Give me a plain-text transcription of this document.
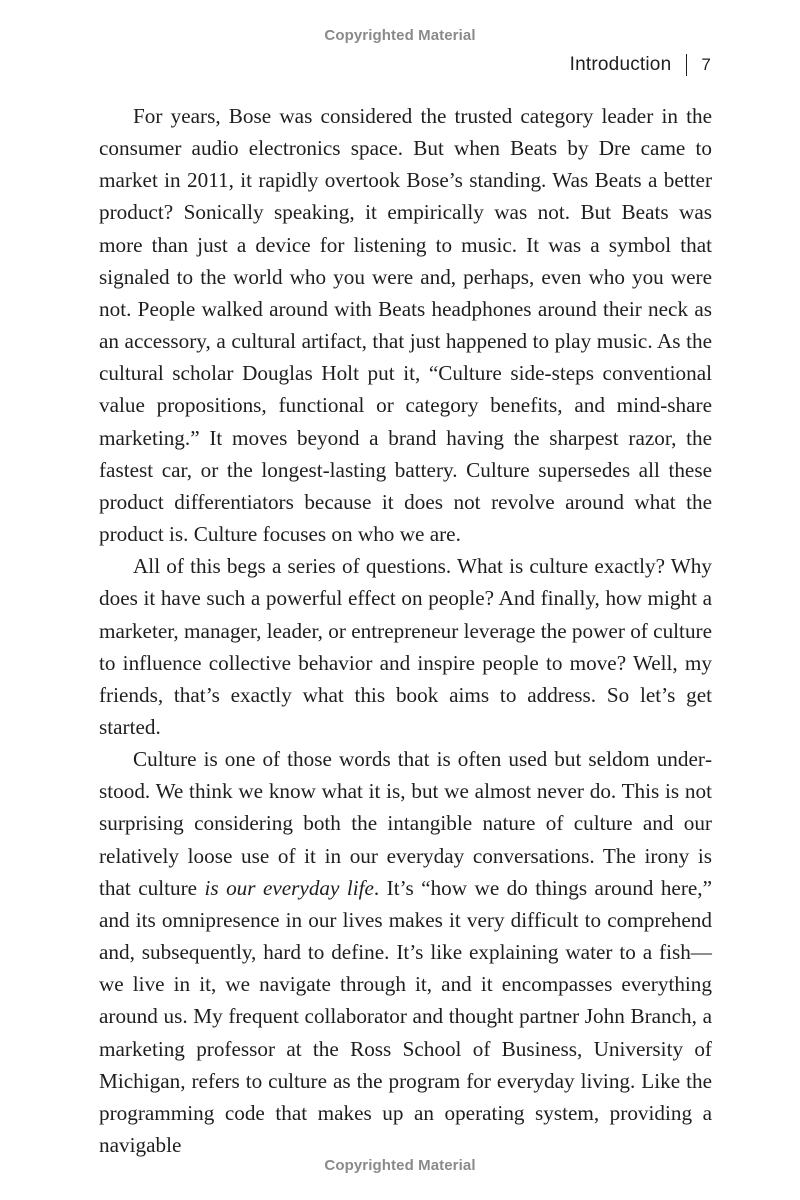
Copyrighted Material
Introduction 7

For years, Bose was considered the trusted category leader in the consumer audio electronics space. But when Beats by Dre came to market in 2011, it rapidly overtook Bose’s standing. Was Beats a better product? Sonically speaking, it empirically was not. But Beats was more than just a device for listening to music. It was a symbol that signaled to the world who you were and, perhaps, even who you were not. People walked around with Beats headphones around their neck as an accessory, a cultural artifact, that just happened to play music. As the cultural scholar Douglas Holt put it, “Culture side-steps conventional value propositions, functional or category benefits, and mind-share marketing.” It moves beyond a brand having the sharpest razor, the fastest car, or the longest-lasting battery. Culture supersedes all these product differentiators because it does not revolve around what the product is. Culture focuses on who we are.

All of this begs a series of questions. What is culture exactly? Why does it have such a powerful effect on people? And finally, how might a marketer, manager, leader, or entrepreneur leverage the power of culture to influence collective behavior and inspire people to move? Well, my friends, that’s exactly what this book aims to address. So let’s get started.

Culture is one of those words that is often used but seldom understood. We think we know what it is, but we almost never do. This is not surprising considering both the intangible nature of culture and our relatively loose use of it in our everyday conversations. The irony is that culture is our everyday life. It’s “how we do things around here,” and its omnipresence in our lives makes it very difficult to comprehend and, subsequently, hard to define. It’s like explaining water to a fish—we live in it, we navigate through it, and it encompasses everything around us. My frequent collaborator and thought partner John Branch, a marketing professor at the Ross School of Business, University of Michigan, refers to culture as the program for everyday living. Like the programming code that makes up an operating system, providing a navigable

Copyrighted Material
